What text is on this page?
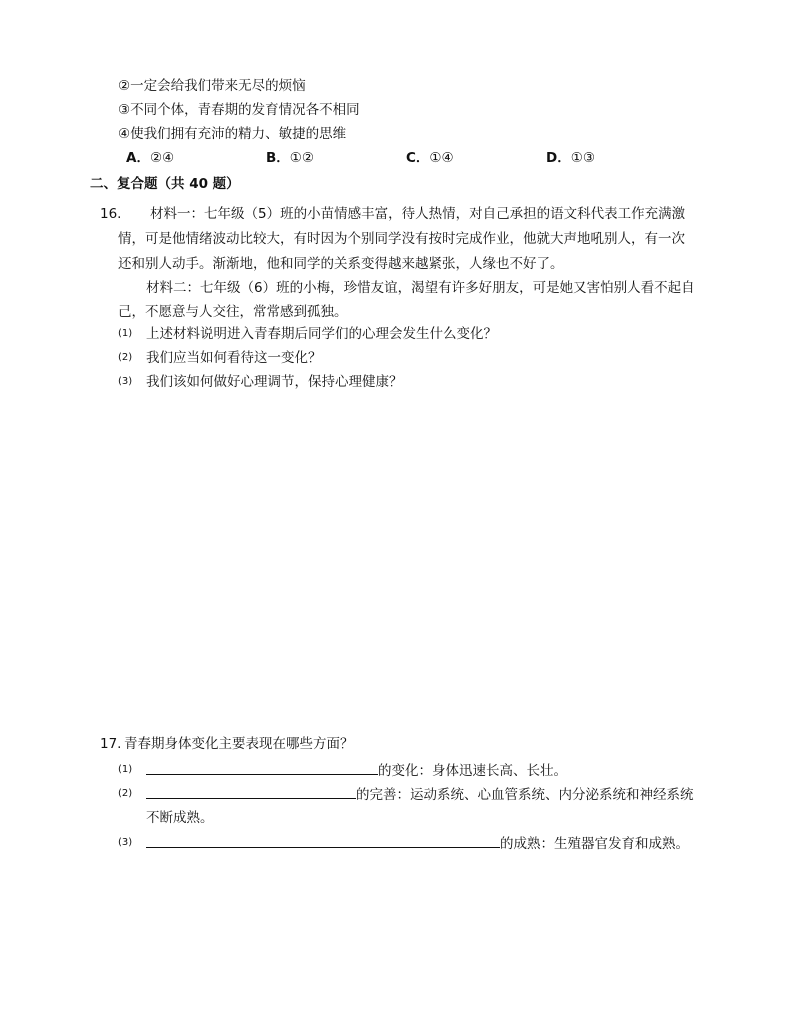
②一定会给我们带来无尽的烦恼
③不同个体，青春期的发育情况各不相同
④使我们拥有充沛的精力、敏捷的思维
A．②④	B．①②	C．①④	D．①③
二、复合题（共 40 题）
16. 材料一：七年级（5）班的小苗情感丰富，待人热情，对自己承担的语文科代表工作充满激
情，可是他情绪波动比较大，有时因为个别同学没有按时完成作业，他就大声地吼别人，有一次
还和别人动手。渐渐地，他和同学的关系变得越来越紧张，人缘也不好了。
材料二：七年级（6）班的小梅，珍惜友谊，渴望有许多好朋友，可是她又害怕别人看不起自
己，不愿意与人交往，常常感到孤独。
(1) 上述材料说明进入青春期后同学们的心理会发生什么变化？
(2) 我们应当如何看待这一变化？
(3) 我们该如何做好心理调节，保持心理健康？
17. 青春期身体变化主要表现在哪些方面？
(1)	的变化：身体迅速长高、长壮。
(2)	的完善：运动系统、心血管系统、内分泌系统和神经系统
不断成熟。
(3)	的成熟：生殖器官发育和成熟。
